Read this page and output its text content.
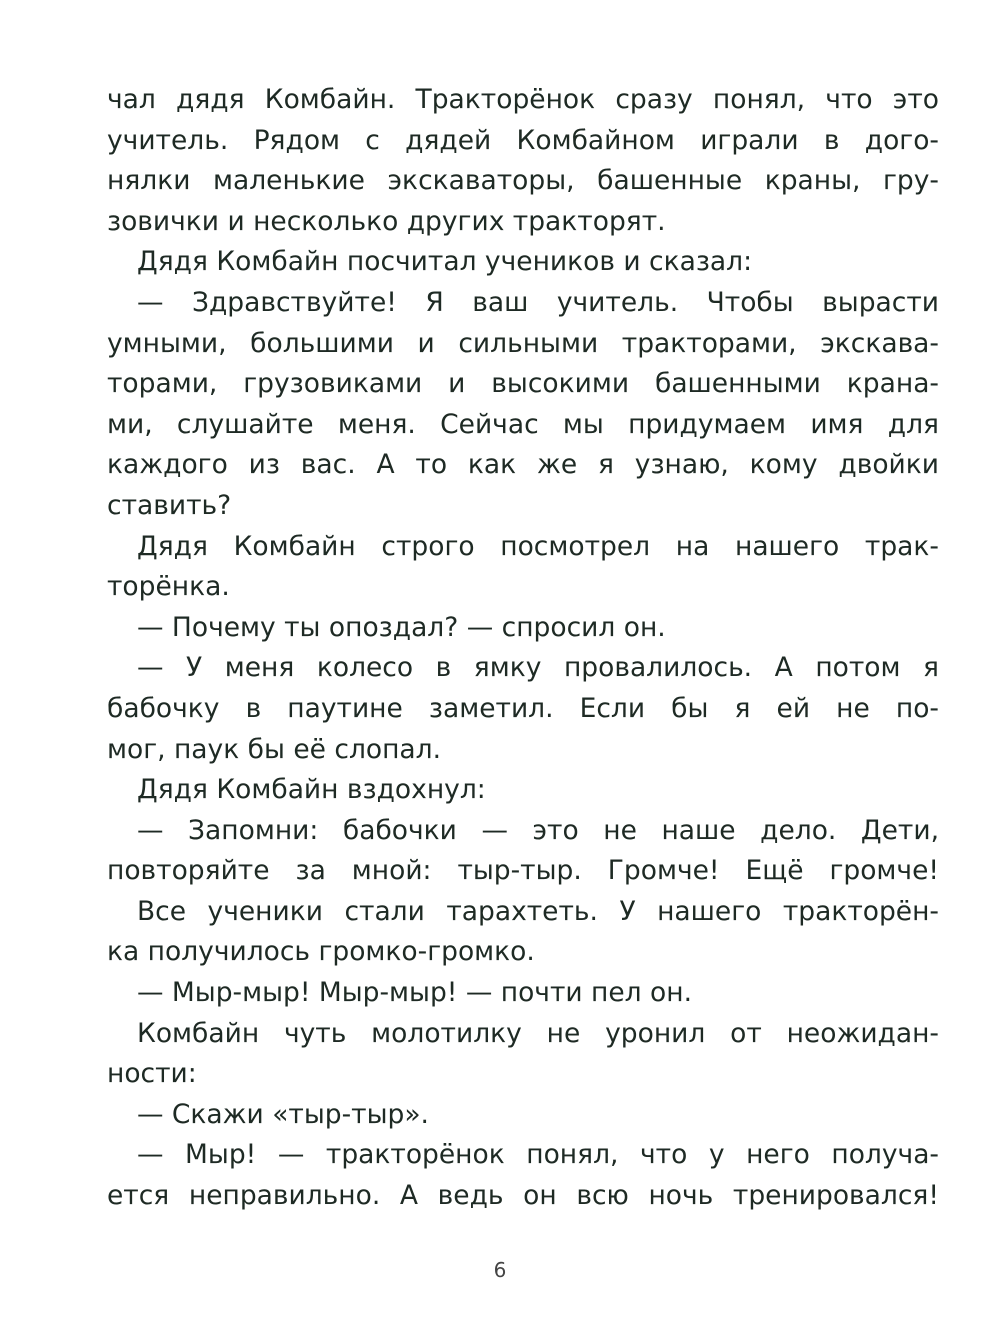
чал дядя Комбайн. Тракторёнок сразу понял, что это
учитель. Рядом с дядей Комбайном играли в дого-
нялки маленькие экскаваторы, башенные краны, гру-
зовички и несколько других тракторят.
Дядя Комбайн посчитал учеников и сказал:
— Здравствуйте! Я ваш учитель. Чтобы вырасти
умными, большими и сильными тракторами, экскава-
торами, грузовиками и высокими башенными крана-
ми, слушайте меня. Сейчас мы придумаем имя для
каждого из вас. А то как же я узнаю, кому двойки
ставить?
Дядя Комбайн строго посмотрел на нашего трак-
торёнка.
— Почему ты опоздал? — спросил он.
— У меня колесо в ямку провалилось. А потом я
бабочку в паутине заметил. Если бы я ей не по-
мог, паук бы её слопал.
Дядя Комбайн вздохнул:
— Запомни: бабочки — это не наше дело. Дети,
повторяйте за мной: тыр-тыр. Громче! Ещё громче!
Все ученики стали тарахтеть. У нашего тракторён-
ка получилось громко-громко.
— Мыр-мыр! Мыр-мыр! — почти пел он.
Комбайн чуть молотилку не уронил от неожидан-
ности:
— Скажи «тыр-тыр».
— Мыр! — тракторёнок понял, что у него получа-
ется неправильно. А ведь он всю ночь тренировался!
6
